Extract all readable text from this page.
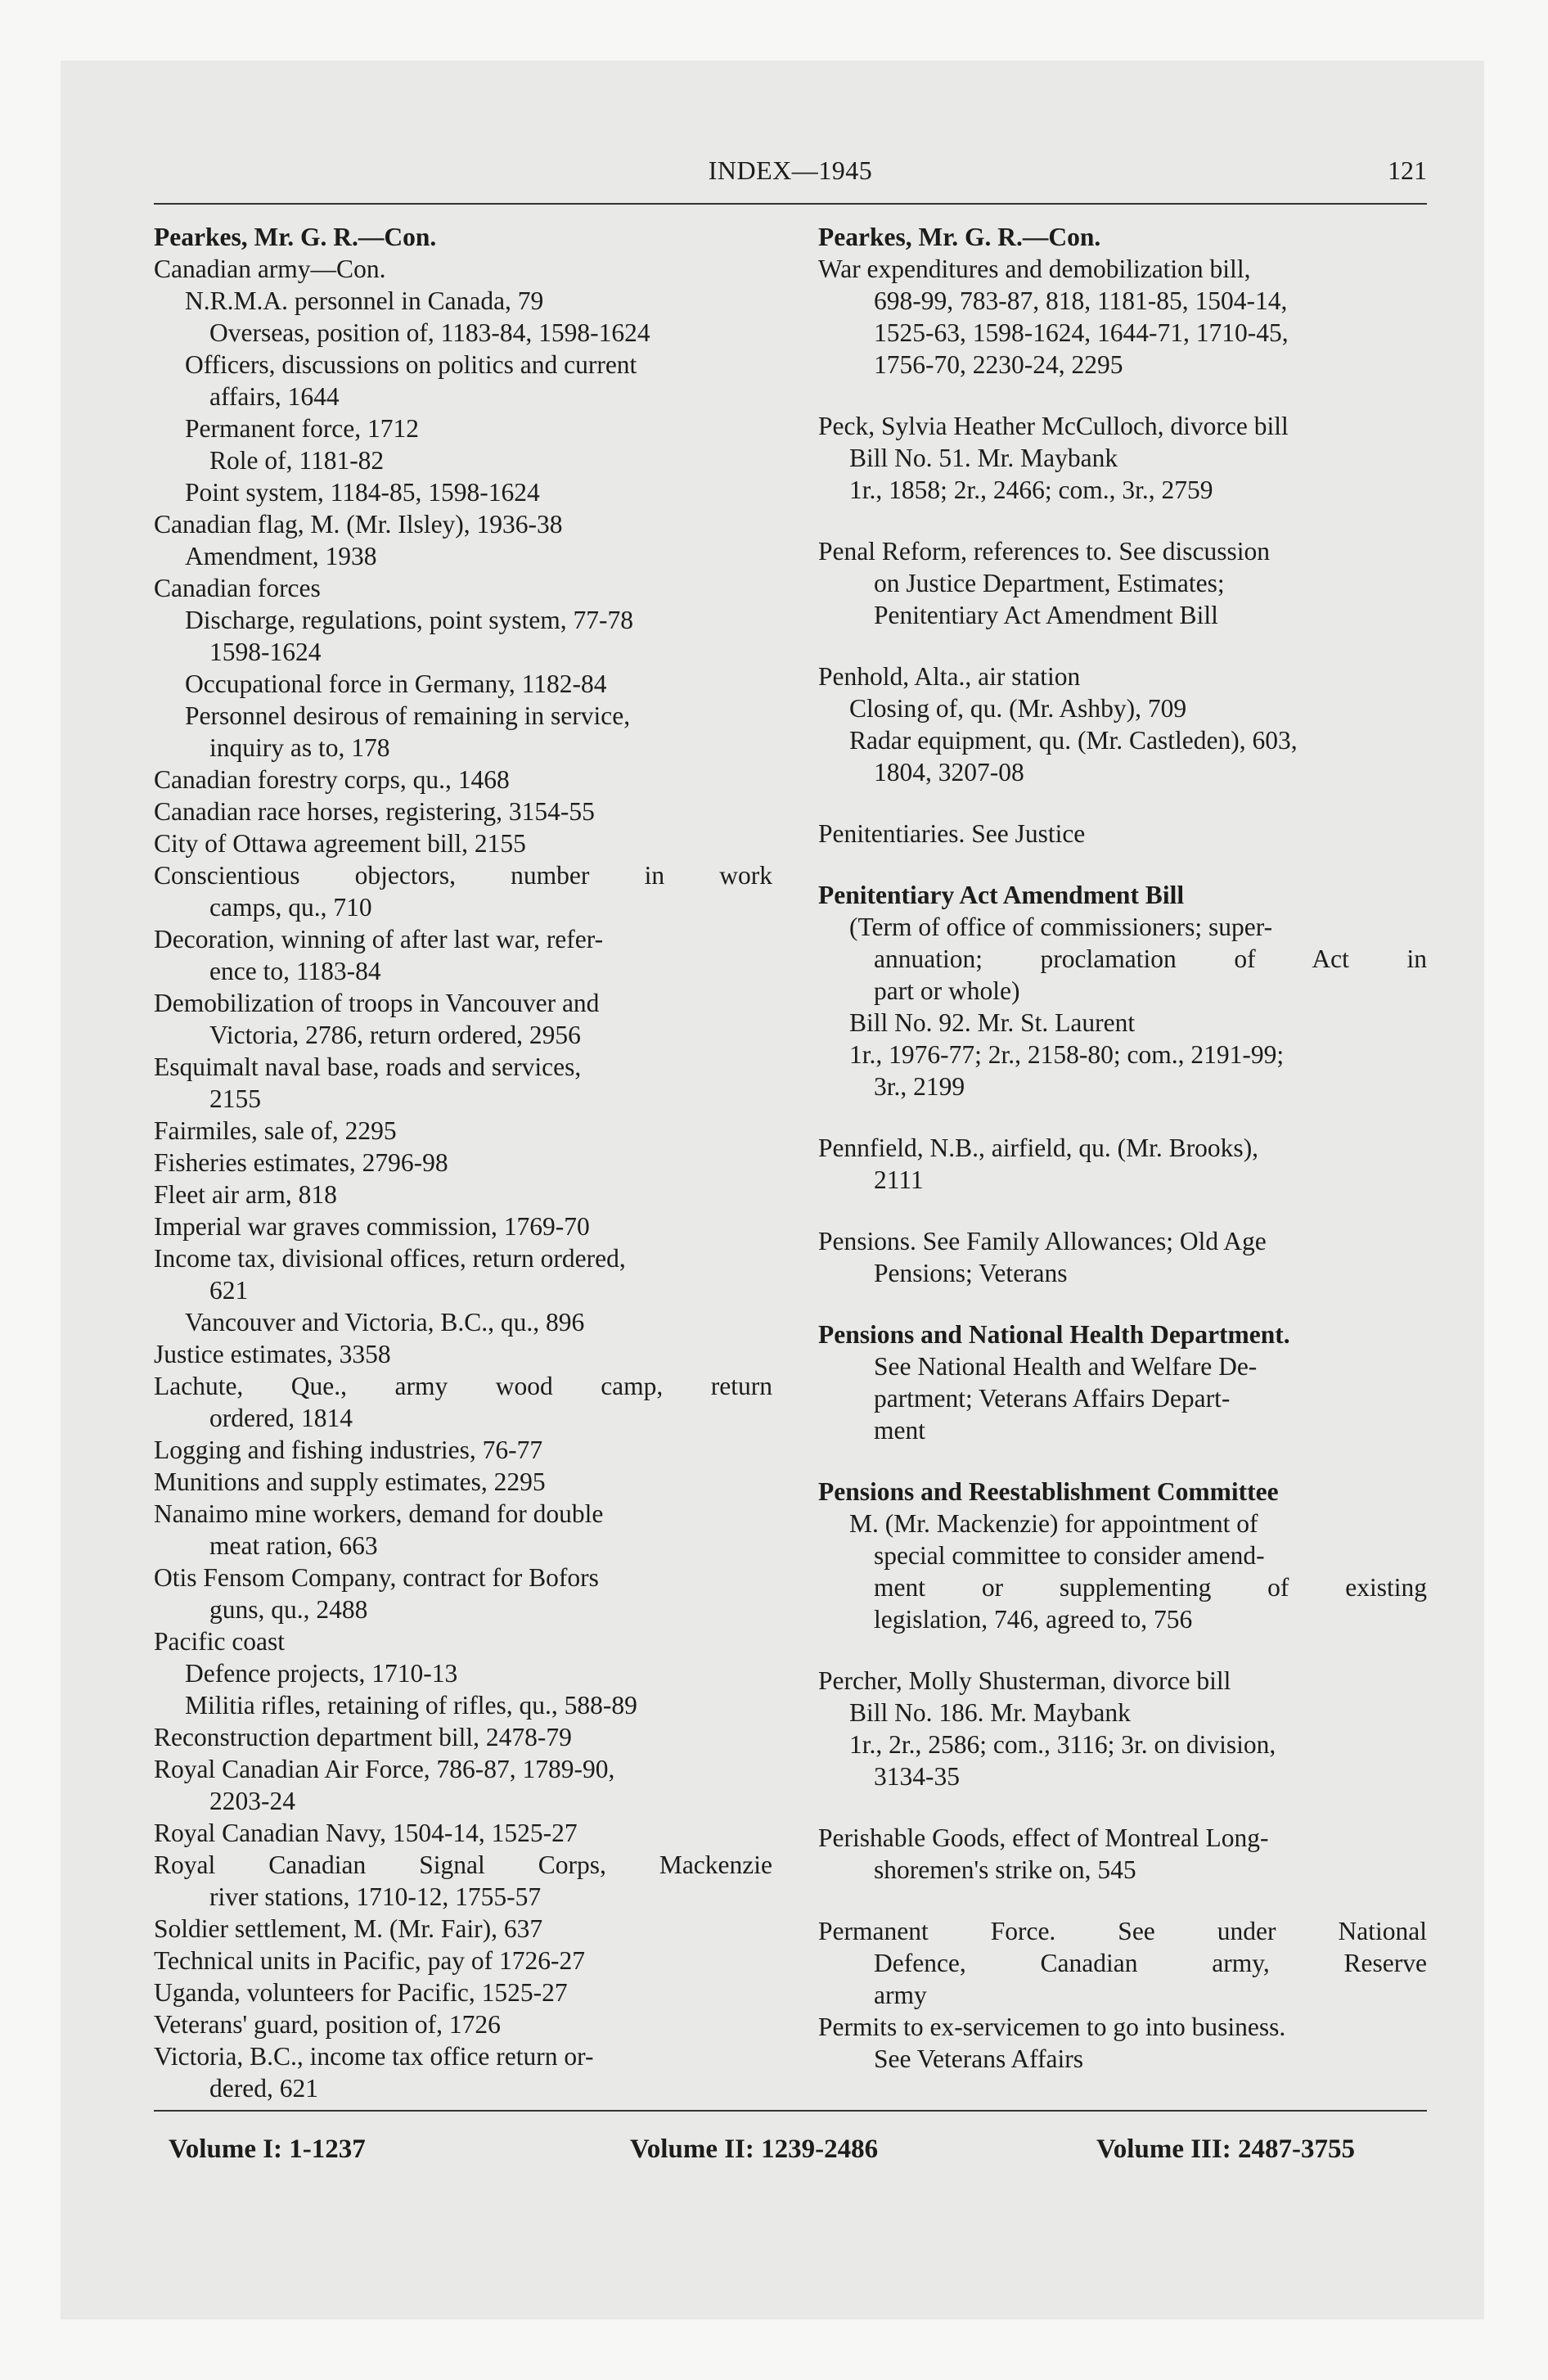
INDEX—1945	121
Pearkes, Mr. G. R.—Con.
Canadian army—Con.
N.R.M.A. personnel in Canada, 79
Overseas, position of, 1183-84, 1598-1624
Officers, discussions on politics and current
affairs, 1644
Permanent force, 1712
Role of, 1181-82
Point system, 1184-85, 1598-1624
Canadian flag, M. (Mr. Ilsley), 1936-38
Amendment, 1938
Canadian forces
Discharge, regulations, point system, 77-78
1598-1624
Occupational force in Germany, 1182-84
Personnel desirous of remaining in service,
inquiry as to, 178
Canadian forestry corps, qu., 1468
Canadian race horses, registering, 3154-55
City of Ottawa agreement bill, 2155
Conscientious objectors, number in work
camps, qu., 710
Decoration, winning of after last war, refer-
ence to, 1183-84
Demobilization of troops in Vancouver and
Victoria, 2786, return ordered, 2956
Esquimalt naval base, roads and services,
2155
Fairmiles, sale of, 2295
Fisheries estimates, 2796-98
Fleet air arm, 818
Imperial war graves commission, 1769-70
Income tax, divisional offices, return ordered,
621
Vancouver and Victoria, B.C., qu., 896
Justice estimates, 3358
Lachute, Que., army wood camp, return
ordered, 1814
Logging and fishing industries, 76-77
Munitions and supply estimates, 2295
Nanaimo mine workers, demand for double
meat ration, 663
Otis Fensom Company, contract for Bofors
guns, qu., 2488
Pacific coast
Defence projects, 1710-13
Militia rifles, retaining of rifles, qu., 588-89
Reconstruction department bill, 2478-79
Royal Canadian Air Force, 786-87, 1789-90,
2203-24
Royal Canadian Navy, 1504-14, 1525-27
Royal Canadian Signal Corps, Mackenzie
river stations, 1710-12, 1755-57
Soldier settlement, M. (Mr. Fair), 637
Technical units in Pacific, pay of 1726-27
Uganda, volunteers for Pacific, 1525-27
Veterans' guard, position of, 1726
Victoria, B.C., income tax office return or-
dered, 621
Pearkes, Mr. G. R.—Con.
War expenditures and demobilization bill,
698-99, 783-87, 818, 1181-85, 1504-14,
1525-63, 1598-1624, 1644-71, 1710-45,
1756-70, 2230-24, 2295
Peck, Sylvia Heather McCulloch, divorce bill
Bill No. 51. Mr. Maybank
1r., 1858; 2r., 2466; com., 3r., 2759
Penal Reform, references to. See discussion
on Justice Department, Estimates;
Penitentiary Act Amendment Bill
Penhold, Alta., air station
Closing of, qu. (Mr. Ashby), 709
Radar equipment, qu. (Mr. Castleden), 603,
1804, 3207-08
Penitentiaries. See Justice
Penitentiary Act Amendment Bill
(Term of office of commissioners; super-
annuation; proclamation of Act in
part or whole)
Bill No. 92. Mr. St. Laurent
1r., 1976-77; 2r., 2158-80; com., 2191-99;
3r., 2199
Pennfield, N.B., airfield, qu. (Mr. Brooks),
2111
Pensions. See Family Allowances; Old Age
Pensions; Veterans
Pensions and National Health Department.
See National Health and Welfare De-
partment; Veterans Affairs Depart-
ment
Pensions and Reestablishment Committee
M. (Mr. Mackenzie) for appointment of
special committee to consider amend-
ment or supplementing of existing
legislation, 746, agreed to, 756
Percher, Molly Shusterman, divorce bill
Bill No. 186. Mr. Maybank
1r., 2r., 2586; com., 3116; 3r. on division,
3134-35
Perishable Goods, effect of Montreal Long-
shoremen's strike on, 545
Permanent Force. See under National
Defence, Canadian army, Reserve
army
Permits to ex-servicemen to go into business.
See Veterans Affairs
Volume I: 1-1237	Volume II: 1239-2486	Volume III: 2487-3755
